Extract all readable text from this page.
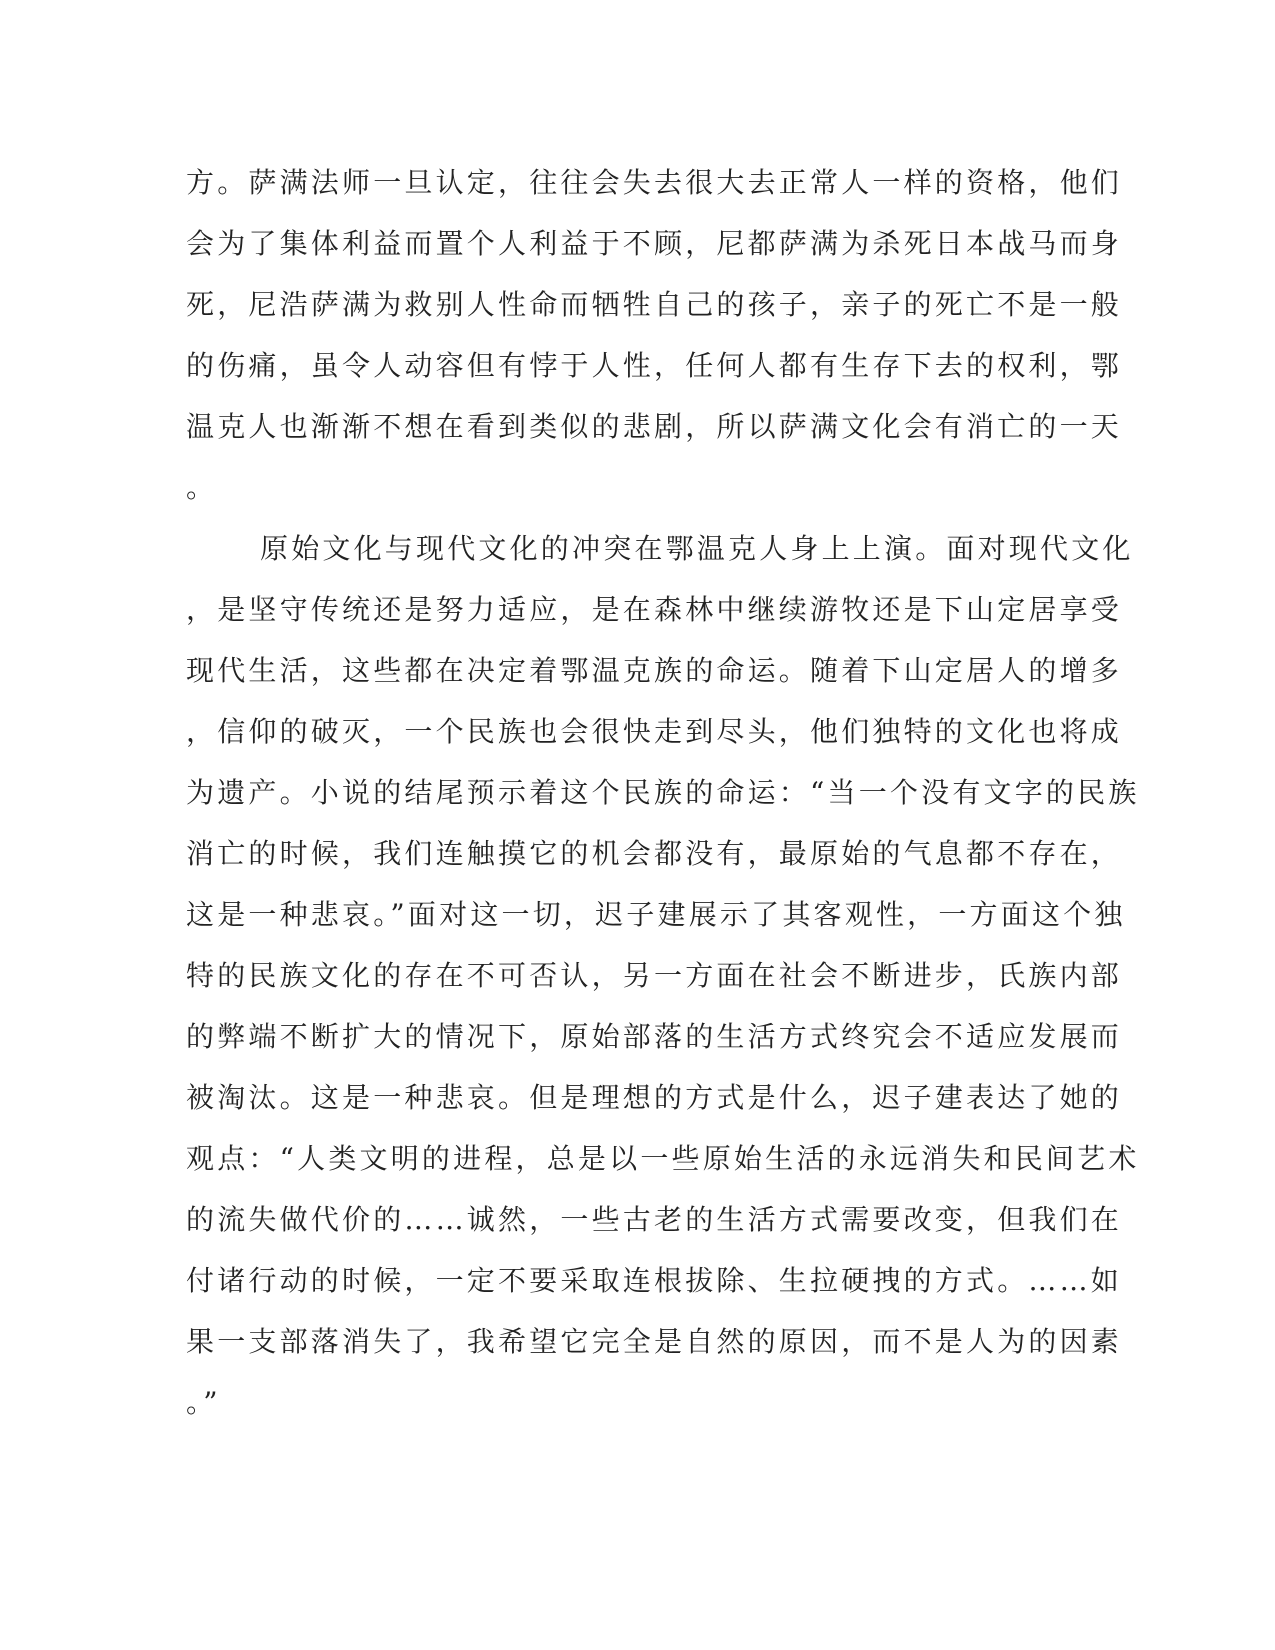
方。萨满法师一旦认定，往往会失去很大去正常人一样的资格，他们
会为了集体利益而置个人利益于不顾，尼都萨满为杀死日本战马而身
死，尼浩萨满为救别人性命而牺牲自己的孩子，亲子的死亡不是一般
的伤痛，虽令人动容但有悖于人性，任何人都有生存下去的权利，鄂
温克人也渐渐不想在看到类似的悲剧，所以萨满文化会有消亡的一天
。
原始文化与现代文化的冲突在鄂温克人身上上演。面对现代文化
，是坚守传统还是努力适应，是在森林中继续游牧还是下山定居享受
现代生活，这些都在决定着鄂温克族的命运。随着下山定居人的增多
，信仰的破灭，一个民族也会很快走到尽头，他们独特的文化也将成
为遗产。小说的结尾预示着这个民族的命运：“当一个没有文字的民族
消亡的时候，我们连触摸它的机会都没有，最原始的气息都不存在，
这是一种悲哀。”面对这一切，迟子建展示了其客观性，一方面这个独
特的民族文化的存在不可否认，另一方面在社会不断进步，氏族内部
的弊端不断扩大的情况下，原始部落的生活方式终究会不适应发展而
被淘汰。这是一种悲哀。但是理想的方式是什么，迟子建表达了她的
观点：“人类文明的进程，总是以一些原始生活的永远消失和民间艺术
的流失做代价的……诚然，一些古老的生活方式需要改变，但我们在
付诸行动的时候，一定不要采取连根拔除、生拉硬拽的方式。……如
果一支部落消失了，我希望它完全是自然的原因，而不是人为的因素
。”
